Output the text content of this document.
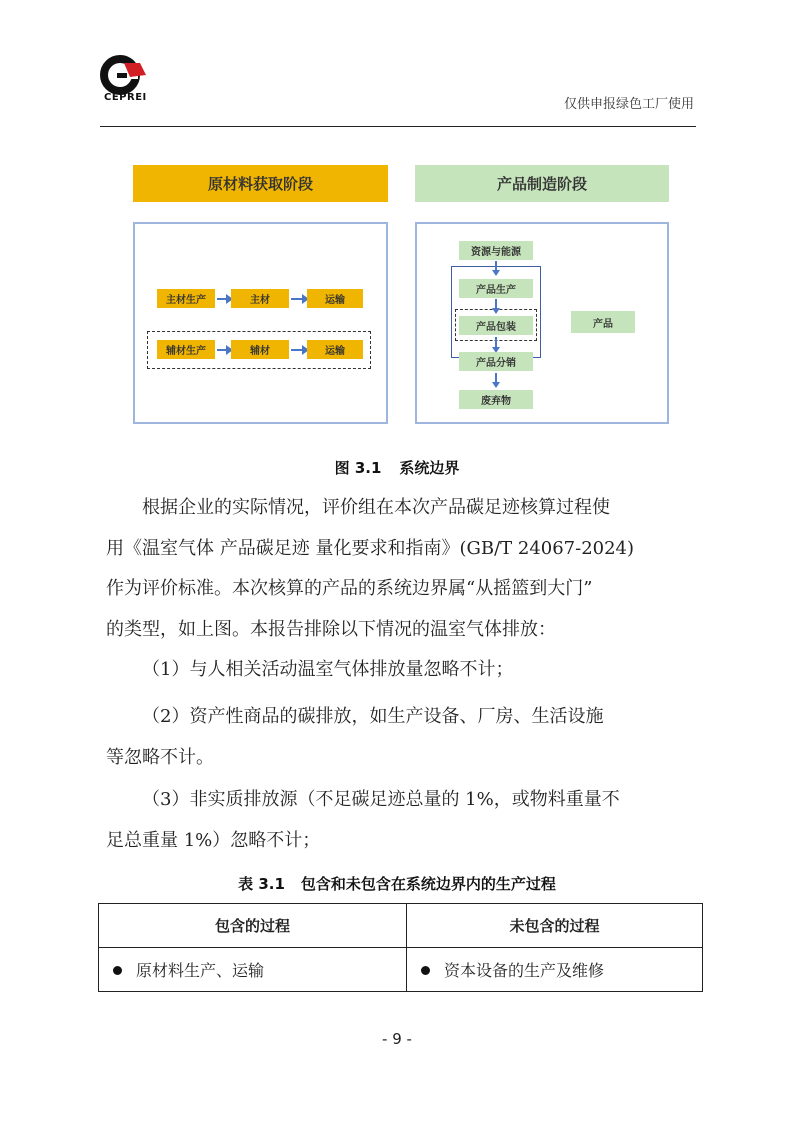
CEPREI	仅供申报绿色工厂使用
原材料获取阶段	产品制造阶段
主材生产	主材	运输
辅材生产	辅材	运输
资源与能源
产品生产
产品包装
产品分销
废弃物
产品
图 3.1 系统边界
根据企业的实际情况，评价组在本次产品碳足迹核算过程使
用《温室气体 产品碳足迹 量化要求和指南》(GB/T 24067-2024)
作为评价标准。本次核算的产品的系统边界属“从摇篮到大门”
的类型，如上图。本报告排除以下情况的温室气体排放：
（1）与人相关活动温室气体排放量忽略不计；
（2）资产性商品的碳排放，如生产设备、厂房、生活设施
等忽略不计。
（3）非实质排放源（不足碳足迹总量的 1%，或物料重量不
足总重量 1%）忽略不计；
表 3.1 包含和未包含在系统边界内的生产过程
包含的过程	未包含的过程
原材料生产、运输	资本设备的生产及维修
- 9 -
